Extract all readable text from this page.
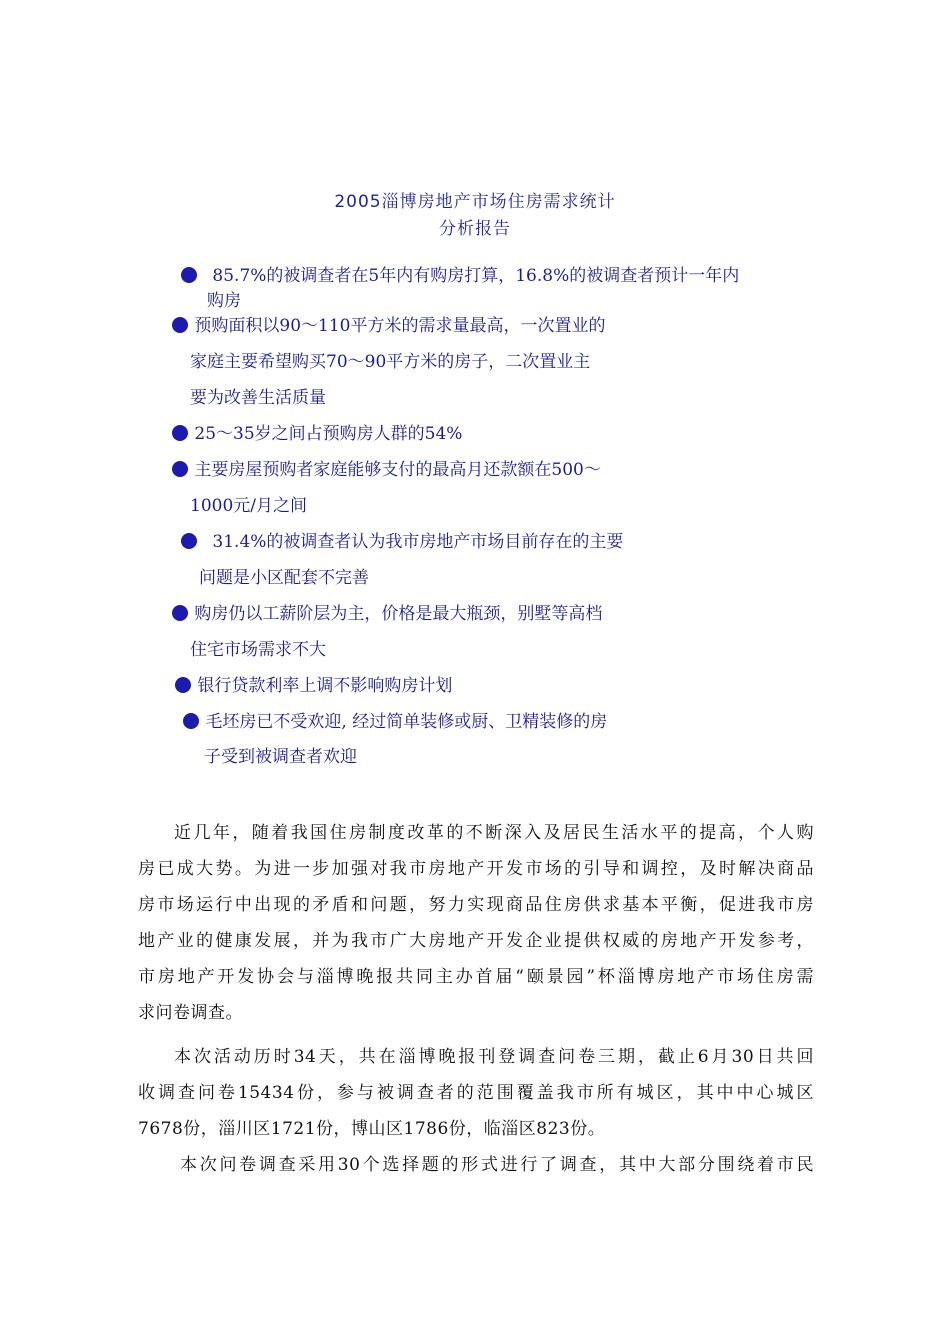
2005淄博房地产市场住房需求统计
分析报告
85.7%的被调查者在5年内有购房打算，16.8%的被调查者预计一年内
购房
预购面积以90～110平方米的需求量最高，一次置业的
家庭主要希望购买70～90平方米的房子，二次置业主
要为改善生活质量
25～35岁之间占预购房人群的54%
主要房屋预购者家庭能够支付的最高月还款额在500～
1000元/月之间
31.4%的被调查者认为我市房地产市场目前存在的主要
问题是小区配套不完善
购房仍以工薪阶层为主，价格是最大瓶颈，别墅等高档
住宅市场需求不大
银行贷款利率上调不影响购房计划
毛坯房已不受欢迎, 经过简单装修或厨、卫精装修的房
子受到被调查者欢迎
近几年，随着我国住房制度改革的不断深入及居民生活水平的提高，个人购
房已成大势。为进一步加强对我市房地产开发市场的引导和调控，及时解决商品
房市场运行中出现的矛盾和问题，努力实现商品住房供求基本平衡，促进我市房
地产业的健康发展，并为我市广大房地产开发企业提供权威的房地产开发参考，
市房地产开发协会与淄博晚报共同主办首届“颐景园”杯淄博房地产市场住房需
求问卷调查。
本次活动历时34天，共在淄博晚报刊登调查问卷三期，截止6月30日共回
收调查问卷15434份，参与被调查者的范围覆盖我市所有城区，其中中心城区
7678份，淄川区1721份，博山区1786份，临淄区823份。
本次问卷调查采用30个选择题的形式进行了调查，其中大部分围绕着市民
